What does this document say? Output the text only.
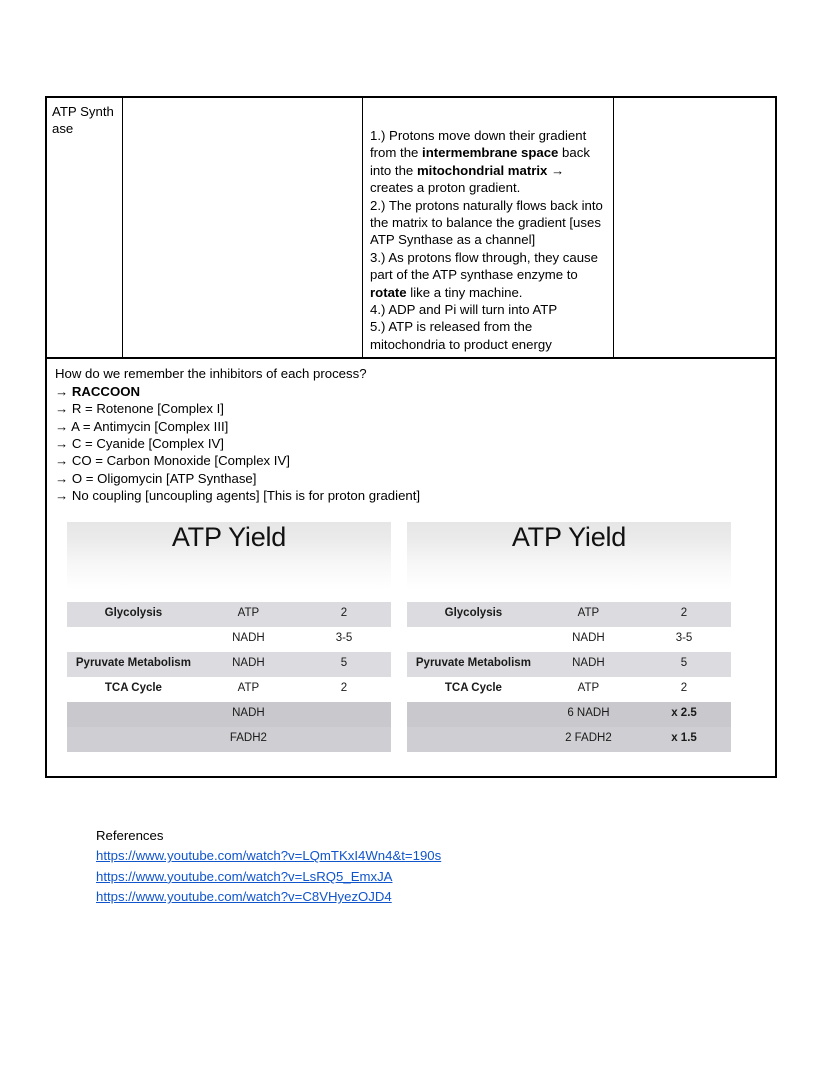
ATP Synthase	1.) Protons move down their gradient from the intermembrane space back into the mitochondrial matrix → creates a proton gradient.

2.) The protons naturally flows back into the matrix to balance the gradient [uses ATP Synthase as a channel]

3.) As protons flow through, they cause part of the ATP synthase enzyme to rotate like a tiny machine.

4.) ADP and Pi will turn into ATP

5.) ATP is released from the mitochondria to product energy

How do we remember the inhibitors of each process?

→ RACCOON

→ R = Rotenone [Complex I]

→ A = Antimycin [Complex III]

→ C = Cyanide [Complex IV]

→ CO = Carbon Monoxide [Complex IV]

→ O = Oligomycin [ATP Synthase]

→ No coupling [uncoupling agents] [This is for proton gradient]

ATP Yield
Glycolysis	ATP	2
	NADH	3-5
Pyruvate Metabolism	NADH	5
TCA Cycle	ATP	2
	NADH	
	FADH2	
ATP Yield
Glycolysis	ATP	2
	NADH	3-5
Pyruvate Metabolism	NADH	5
TCA Cycle	ATP	2
	6 NADH	x 2.5
	2 FADH2	x 1.5
References
https://www.youtube.com/watch?v=LQmTKxI4Wn4&t=190s
https://www.youtube.com/watch?v=LsRQ5_EmxJA
https://www.youtube.com/watch?v=C8VHyezOJD4
